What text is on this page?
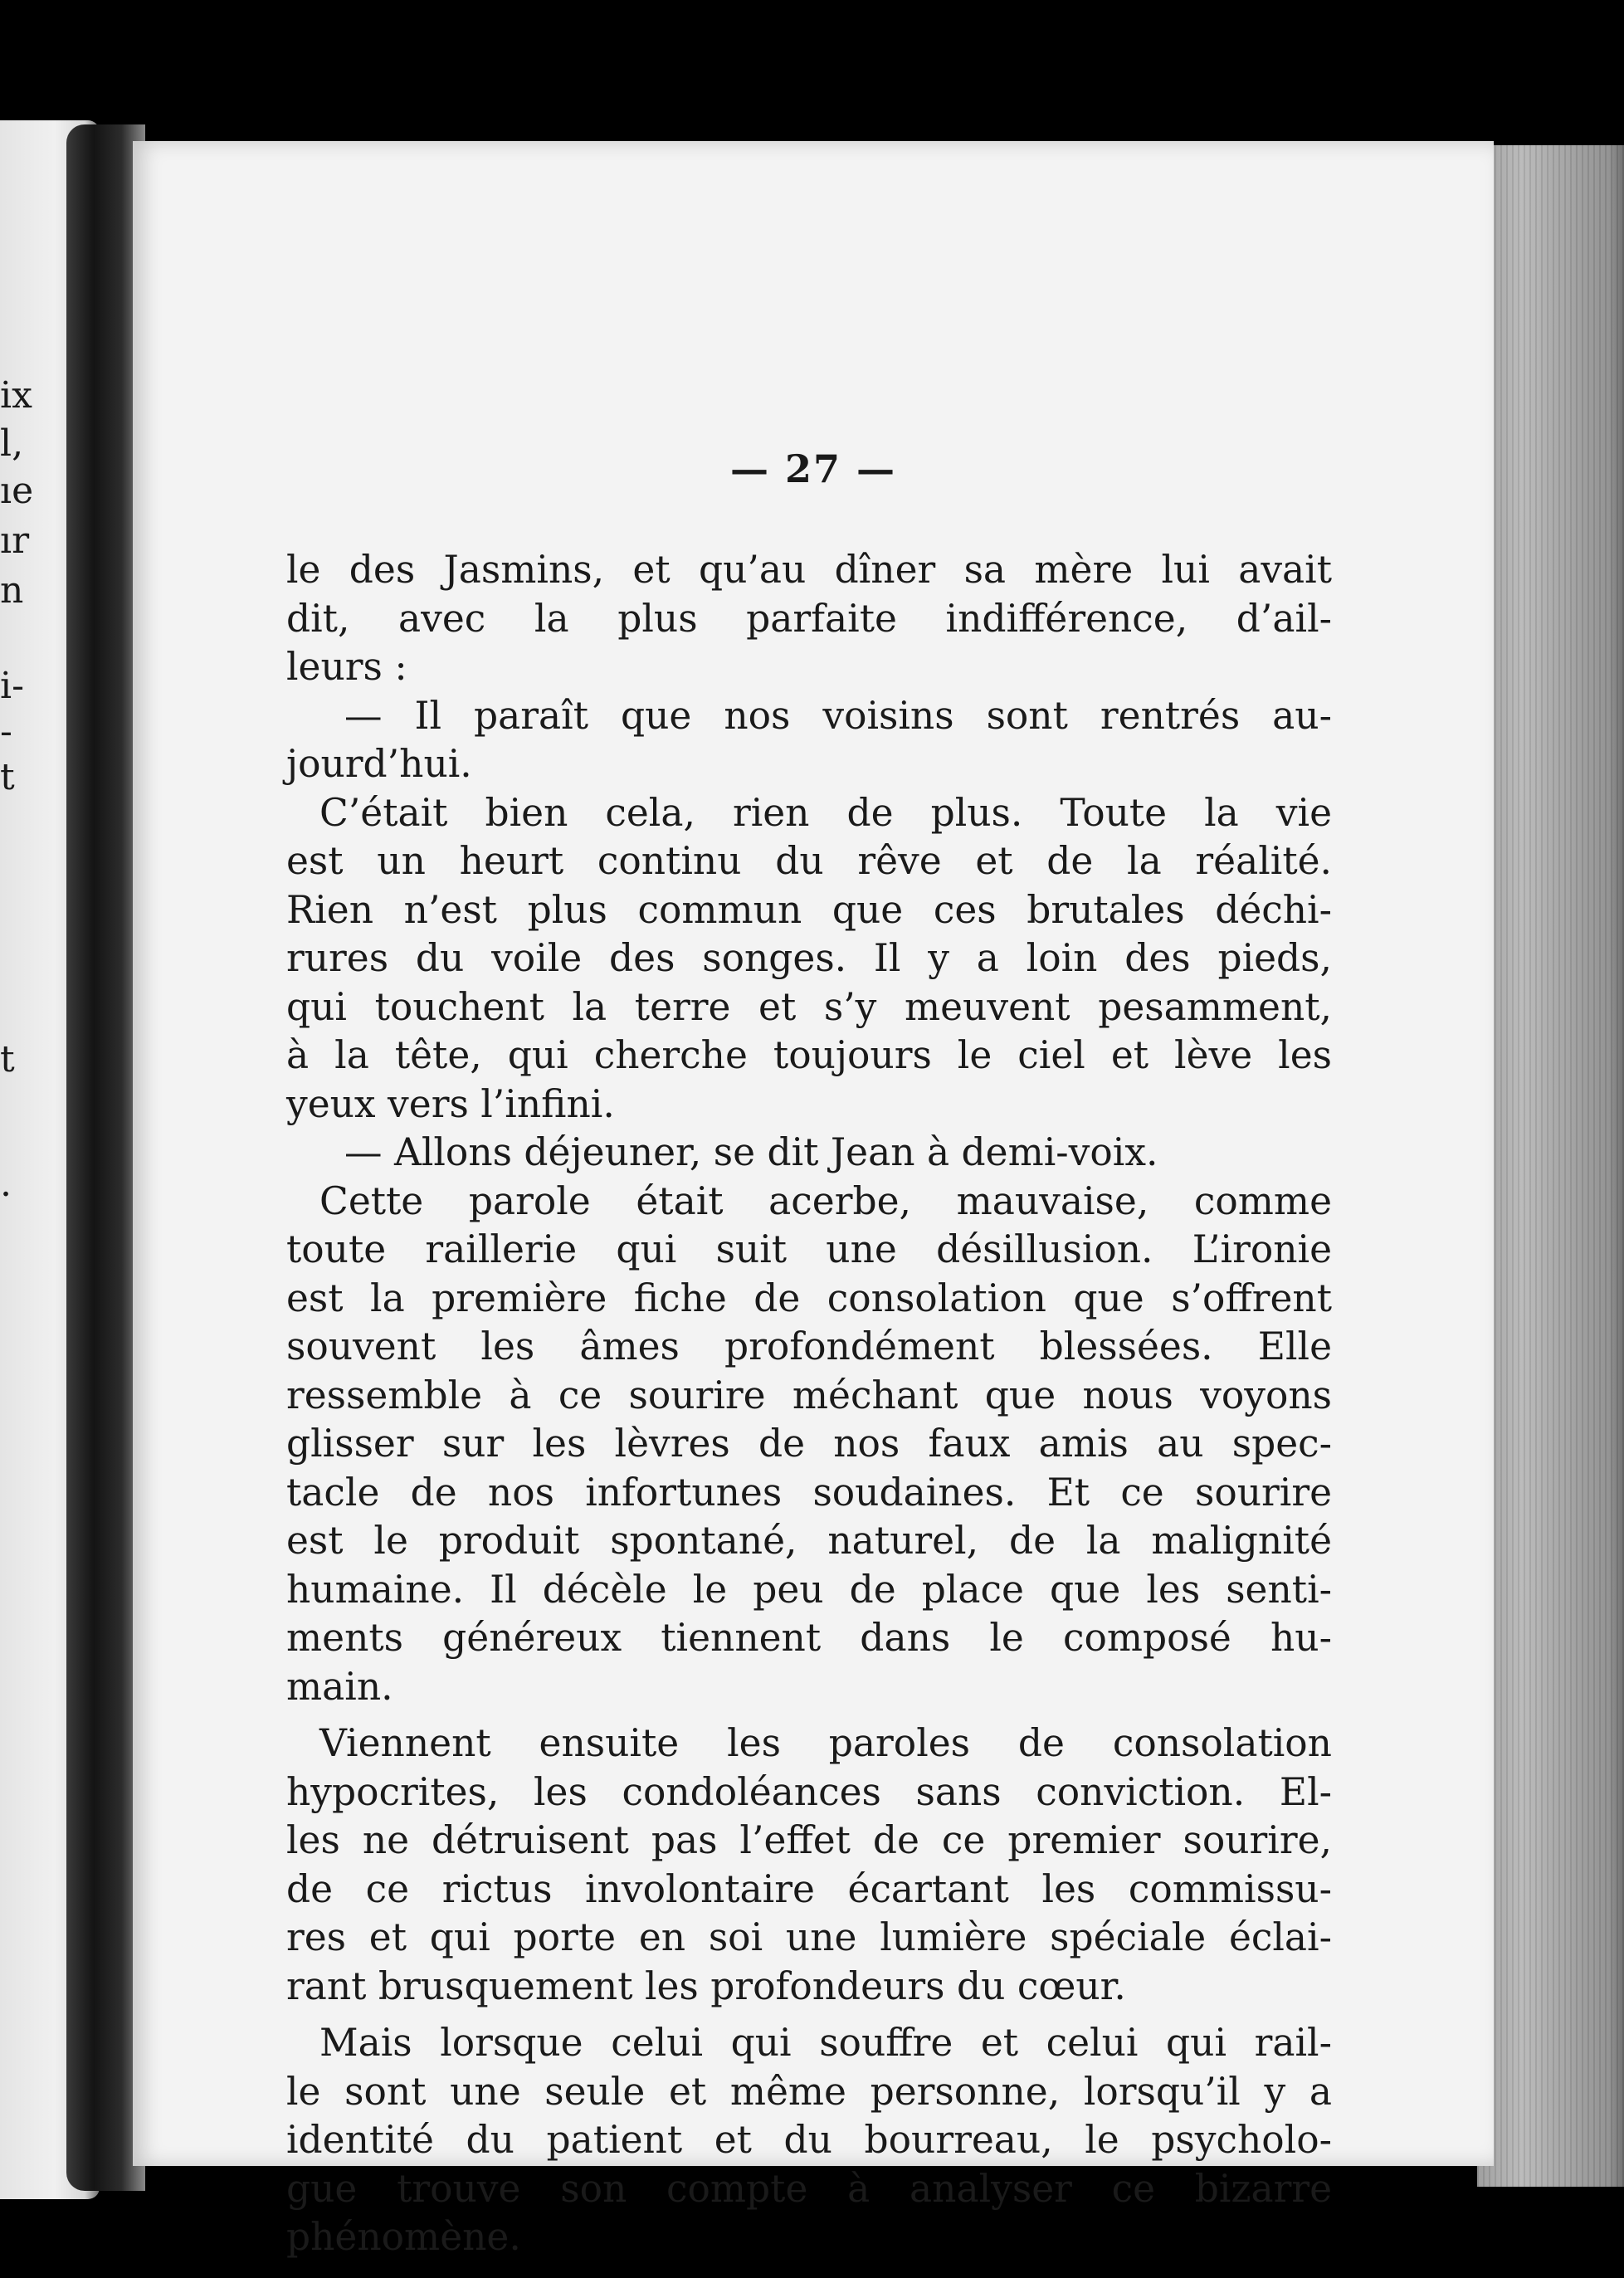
ix
l,
ıe
ır
n
i-
-
t
t
.
— 27 —
le des Jasmins, et qu’au dîner sa mère lui avait
dit, avec la plus parfaite indifférence, d’ail-
leurs :
— Il paraît que nos voisins sont rentrés au-
jourd’hui.
C’était bien cela, rien de plus. Toute la vie
est un heurt continu du rêve et de la réalité.
Rien n’est plus commun que ces brutales déchi-
rures du voile des songes. Il y a loin des pieds,
qui touchent la terre et s’y meuvent pesamment,
à la tête, qui cherche toujours le ciel et lève les
yeux vers l’infini.
— Allons déjeuner, se dit Jean à demi-voix.
Cette parole était acerbe, mauvaise, comme
toute raillerie qui suit une désillusion. L’ironie
est la première fiche de consolation que s’offrent
souvent les âmes profondément blessées. Elle
ressemble à ce sourire méchant que nous voyons
glisser sur les lèvres de nos faux amis au spec-
tacle de nos infortunes soudaines. Et ce sourire
est le produit spontané, naturel, de la malignité
humaine. Il décèle le peu de place que les senti-
ments généreux tiennent dans le composé hu-
main.
Viennent ensuite les paroles de consolation
hypocrites, les condoléances sans conviction. El-
les ne détruisent pas l’effet de ce premier sourire,
de ce rictus involontaire écartant les commissu-
res et qui porte en soi une lumière spéciale éclai-
rant brusquement les profondeurs du cœur.
Mais lorsque celui qui souffre et celui qui rail-
le sont une seule et même personne, lorsqu’il y a
identité du patient et du bourreau, le psycholo-
gue trouve son compte à analyser ce bizarre
phénomène.
